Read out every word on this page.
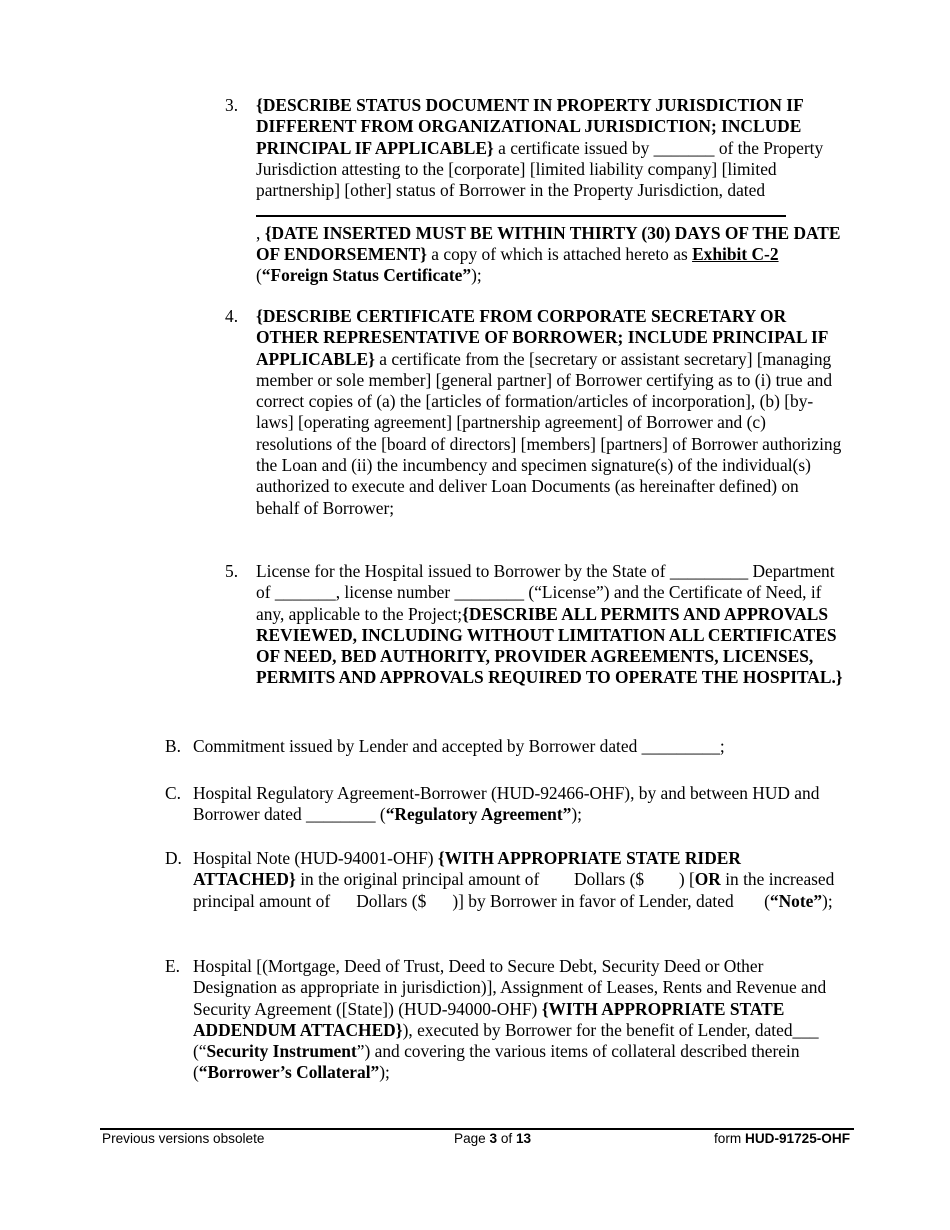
3. {DESCRIBE STATUS DOCUMENT IN PROPERTY JURISDICTION IF DIFFERENT FROM ORGANIZATIONAL JURISDICTION; INCLUDE PRINCIPAL IF APPLICABLE} a certificate issued by _______ of the Property Jurisdiction attesting to the [corporate] [limited liability company] [limited partnership] [other] status of Borrower in the Property Jurisdiction, dated
, {DATE INSERTED MUST BE WITHIN THIRTY (30) DAYS OF THE DATE OF ENDORSEMENT} a copy of which is attached hereto as Exhibit C-2 (“Foreign Status Certificate”);
4. {DESCRIBE CERTIFICATE FROM CORPORATE SECRETARY OR OTHER REPRESENTATIVE OF BORROWER; INCLUDE PRINCIPAL IF APPLICABLE} a certificate from the [secretary or assistant secretary] [managing member or sole member] [general partner] of Borrower certifying as to (i) true and correct copies of (a) the [articles of formation/articles of incorporation], (b) [by-laws] [operating agreement] [partnership agreement] of Borrower and (c) resolutions of the [board of directors] [members] [partners] of Borrower authorizing the Loan and (ii) the incumbency and specimen signature(s) of the individual(s) authorized to execute and deliver Loan Documents (as hereinafter defined) on behalf of Borrower;
5. License for the Hospital issued to Borrower by the State of _________ Department of _______, license number ________ (“License”) and the Certificate of Need, if any, applicable to the Project;{DESCRIBE ALL PERMITS AND APPROVALS REVIEWED, INCLUDING WITHOUT LIMITATION ALL CERTIFICATES OF NEED, BED AUTHORITY, PROVIDER AGREEMENTS, LICENSES, PERMITS AND APPROVALS REQUIRED TO OPERATE THE HOSPITAL.}
B. Commitment issued by Lender and accepted by Borrower dated _________;
C. Hospital Regulatory Agreement-Borrower (HUD-92466-OHF), by and between HUD and Borrower dated ________ (“Regulatory Agreement”);
D. Hospital Note (HUD-94001-OHF) {WITH APPROPRIATE STATE RIDER ATTACHED} in the original principal amount of        Dollars ($        ) [OR in the increased principal amount of      Dollars ($      )] by Borrower in favor of Lender, dated       (“Note”);
E. Hospital [(Mortgage, Deed of Trust, Deed to Secure Debt, Security Deed or Other Designation as appropriate in jurisdiction)], Assignment of Leases, Rents and Revenue and Security Agreement ([State]) (HUD-94000-OHF) {WITH APPROPRIATE STATE ADDENDUM ATTACHED}), executed by Borrower for the benefit of Lender, dated___ (“Security Instrument”) and covering the various items of collateral described therein (“Borrower’s Collateral”);
Previous versions obsolete	Page 3 of 13	form HUD-91725-OHF
